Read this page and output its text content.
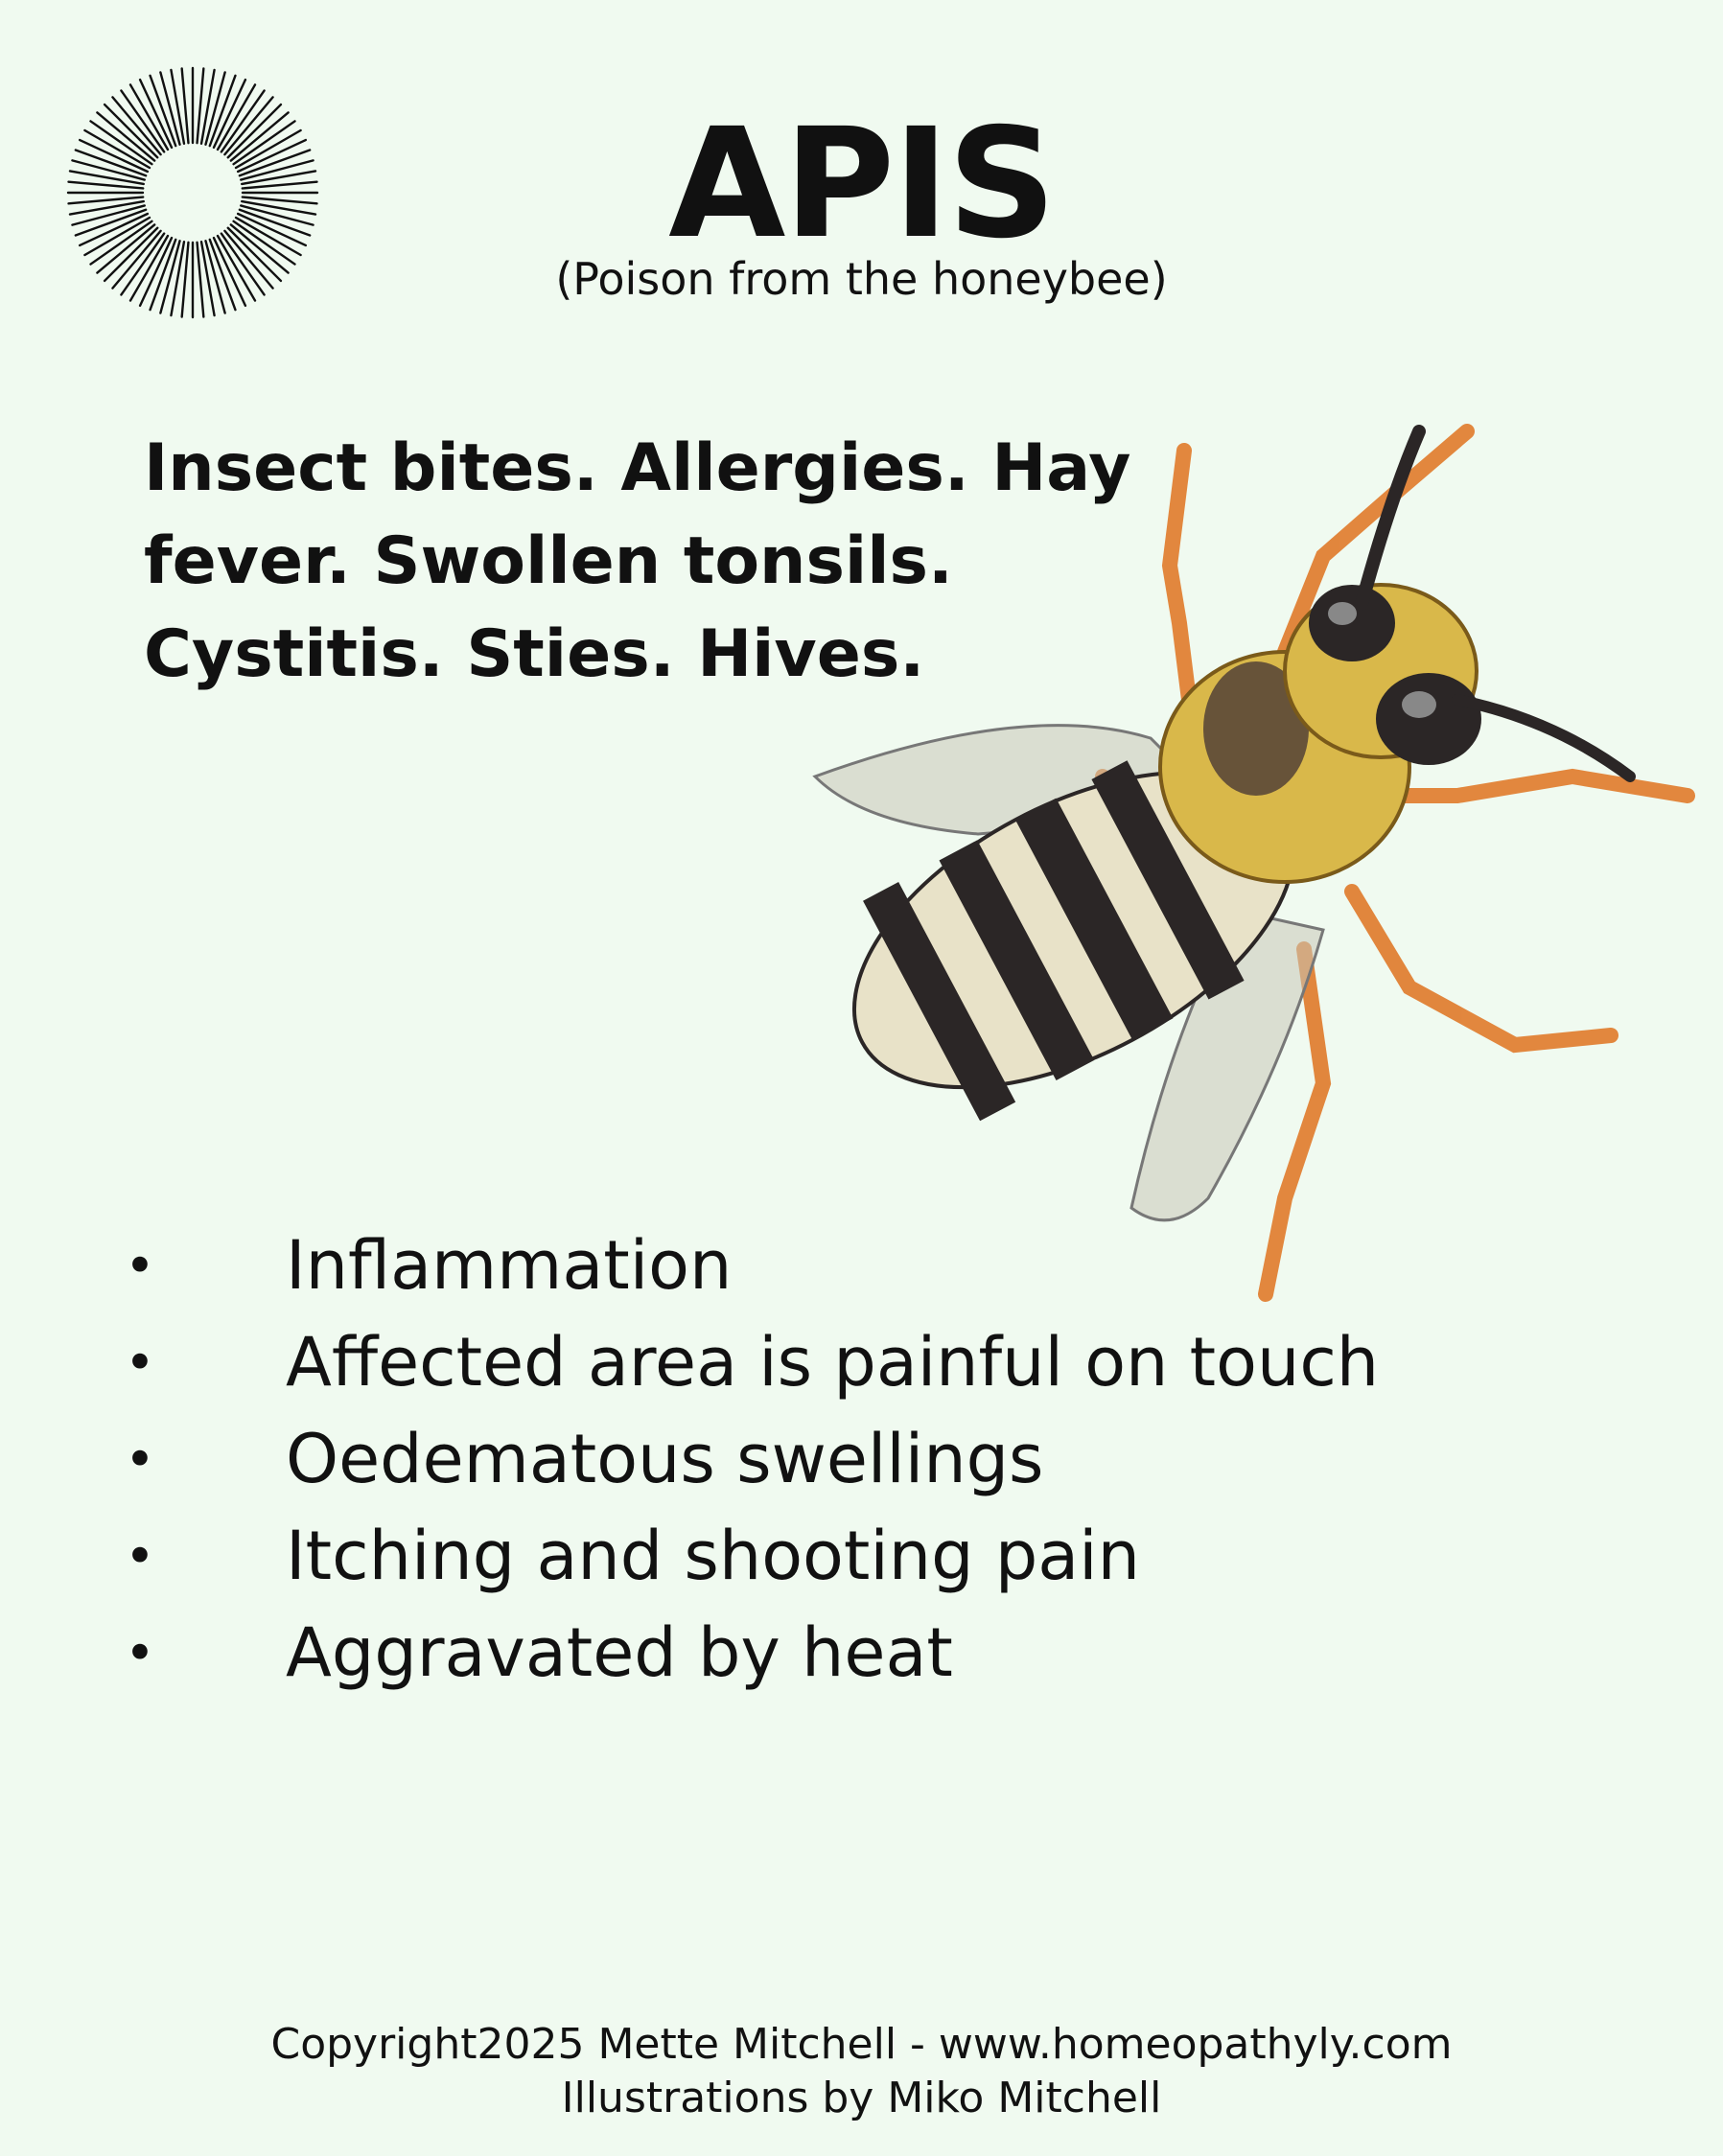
APIS
(Poison from the honeybee)
Insect bites. Allergies. Hay fever. Swollen tonsils. Cystitis. Sties. Hives.
•	Inflammation
•	Affected area is painful on touch
•	Oedematous swellings
•	Itching and shooting pain
•	Aggravated by heat
Copyright2025 Mette Mitchell - www.homeopathyly.com
Illustrations by Miko Mitchell
